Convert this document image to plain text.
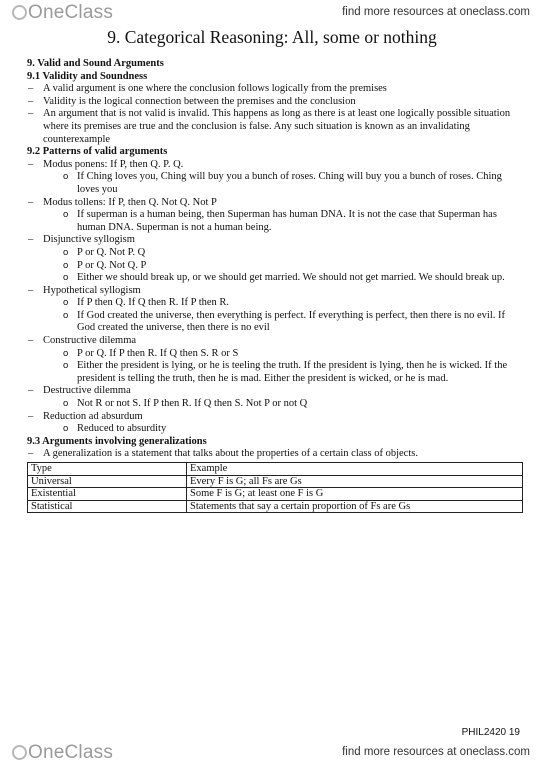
OneClass	find more resources at oneclass.com
9. Categorical Reasoning: All, some or nothing
9. Valid and Sound Arguments
9.1 Validity and Soundness
– A valid argument is one where the conclusion follows logically from the premises
– Validity is the logical connection between the premises and the conclusion
– An argument that is not valid is invalid. This happens as long as there is at least one logically possible situation where its premises are true and the conclusion is false. Any such situation is known as an invalidating counterexample
9.2 Patterns of valid arguments
– Modus ponens: If P, then Q. P. Q.
o If Ching loves you, Ching will buy you a bunch of roses. Ching will buy you a bunch of roses. Ching loves you
– Modus tollens: If P, then Q. Not Q. Not P
o If superman is a human being, then Superman has human DNA. It is not the case that Superman has human DNA. Superman is not a human being.
– Disjunctive syllogism
o P or Q. Not P. Q
o P or Q. Not Q. P
o Either we should break up, or we should get married. We should not get married. We should break up.
– Hypothetical syllogism
o If P then Q. If Q then R. If P then R.
o If God created the universe, then everything is perfect. If everything is perfect, then there is no evil. If God created the universe, then there is no evil
– Constructive dilemma
o P or Q. If P then R. If Q then S. R or S
o Either the president is lying, or he is teeling the truth. If the president is lying, then he is wicked. If the president is telling the truth, then he is mad. Either the president is wicked, or he is mad.
– Destructive dilemma
o Not R or not S. If P then R. If Q then S. Not P or not Q
– Reduction ad absurdum
o Reduced to absurdity
9.3 Arguments involving generalizations
– A generalization is a statement that talks about the properties of a certain class of objects.
Type	Example
Universal	Every F is G; all Fs are Gs
Existential	Some F is G; at least one F is G
Statistical	Statements that say a certain proportion of Fs are Gs
PHIL2420 19
OneClass	find more resources at oneclass.com
